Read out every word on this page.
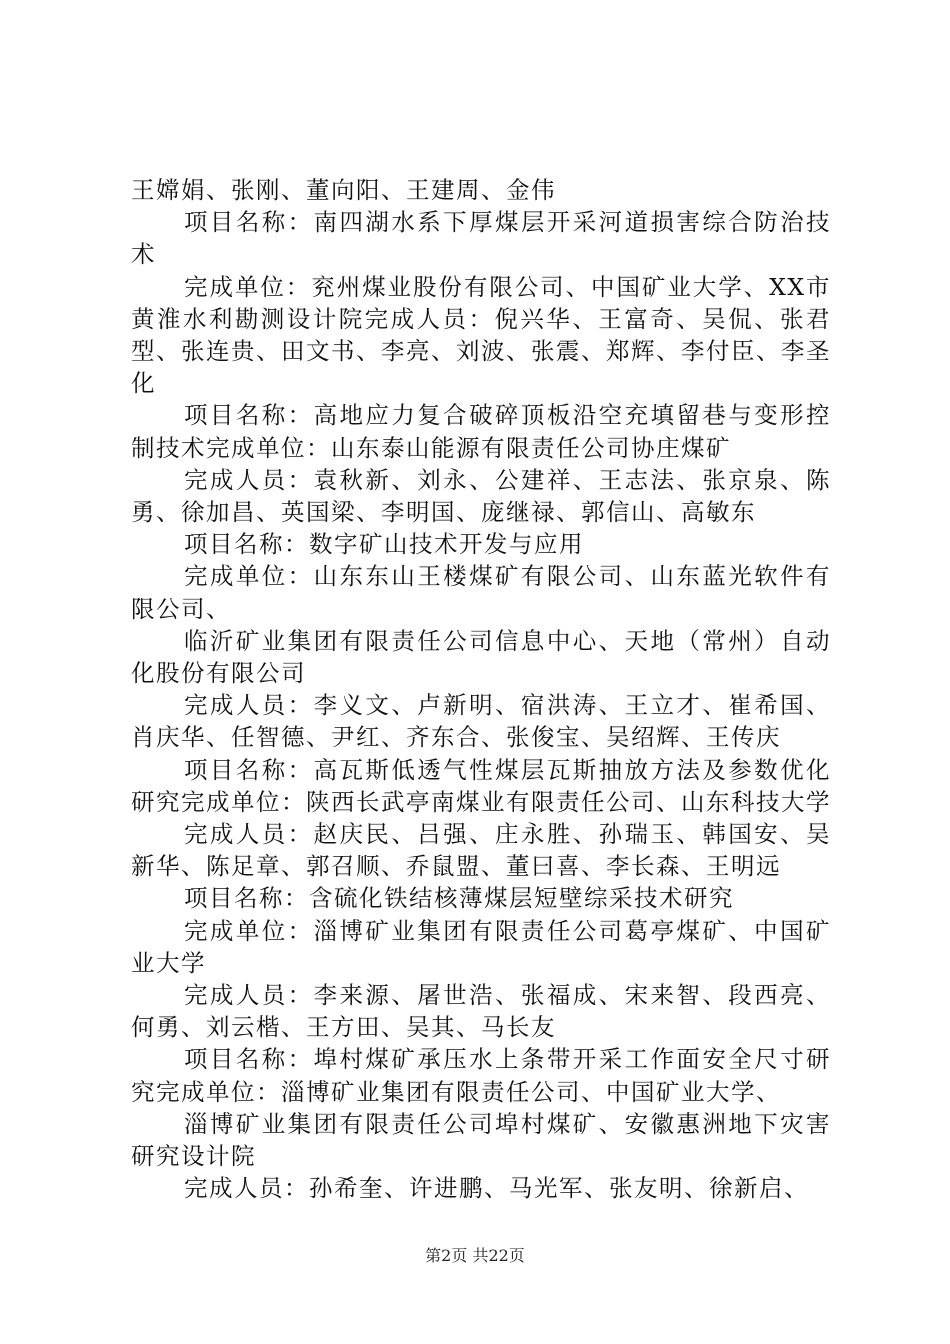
王嫦娟、张刚、董向阳、王建周、金伟

项目名称：南四湖水系下厚煤层开采河道损害综合防治技术

完成单位：兖州煤业股份有限公司、中国矿业大学、XX市黄淮水利勘测设计院完成人员：倪兴华、王富奇、吴侃、张君型、张连贵、田文书、李亮、刘波、张震、郑辉、李付臣、李圣化

项目名称：高地应力复合破碎顶板沿空充填留巷与变形控制技术完成单位：山东泰山能源有限责任公司协庄煤矿

完成人员：袁秋新、刘永、公建祥、王志法、张京泉、陈勇、徐加昌、英国梁、李明国、庞继禄、郭信山、高敏东

项目名称：数字矿山技术开发与应用

完成单位：山东东山王楼煤矿有限公司、山东蓝光软件有限公司、

临沂矿业集团有限责任公司信息中心、天地（常州）自动化股份有限公司

完成人员：李义文、卢新明、宿洪涛、王立才、崔希国、肖庆华、任智德、尹红、齐东合、张俊宝、吴绍辉、王传庆

项目名称：高瓦斯低透气性煤层瓦斯抽放方法及参数优化研究完成单位：陕西长武亭南煤业有限责任公司、山东科技大学

完成人员：赵庆民、吕强、庄永胜、孙瑞玉、韩国安、吴新华、陈足章、郭召顺、乔鼠盟、董曰喜、李长森、王明远

项目名称：含硫化铁结核薄煤层短壁综采技术研究

完成单位：淄博矿业集团有限责任公司葛亭煤矿、中国矿业大学

完成人员：李来源、屠世浩、张福成、宋来智、段西亮、何勇、刘云楷、王方田、吴其、马长友

项目名称：埠村煤矿承压水上条带开采工作面安全尺寸研究完成单位：淄博矿业集团有限责任公司、中国矿业大学、

淄博矿业集团有限责任公司埠村煤矿、安徽惠洲地下灾害研究设计院

完成人员：孙希奎、许进鹏、马光军、张友明、徐新启、

第2页 共22页
